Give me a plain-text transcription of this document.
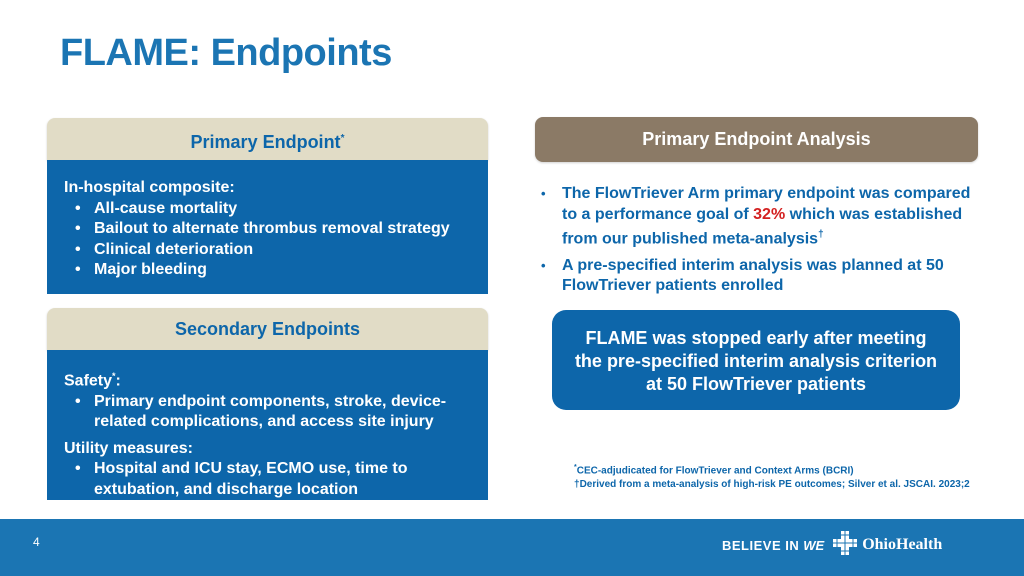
FLAME: Endpoints
Primary Endpoint*
In-hospital composite:
• All-cause mortality
• Bailout to alternate thrombus removal strategy
• Clinical deterioration
• Major bleeding
Secondary Endpoints
Safety*:
• Primary endpoint components, stroke, device-related complications, and access site injury
Utility measures:
• Hospital and ICU stay, ECMO use, time to extubation, and discharge location
Primary Endpoint Analysis
• The FlowTriever Arm primary endpoint was compared to a performance goal of 32% which was established from our published meta-analysis†
• A pre-specified interim analysis was planned at 50 FlowTriever patients enrolled
FLAME was stopped early after meeting the pre-specified interim analysis criterion at 50 FlowTriever patients
*CEC-adjudicated for FlowTriever and Context Arms (BCRI)
†Derived from a meta-analysis of high-risk PE outcomes; Silver et al. JSCAI. 2023;2
4	BELIEVE IN WE OhioHealth
